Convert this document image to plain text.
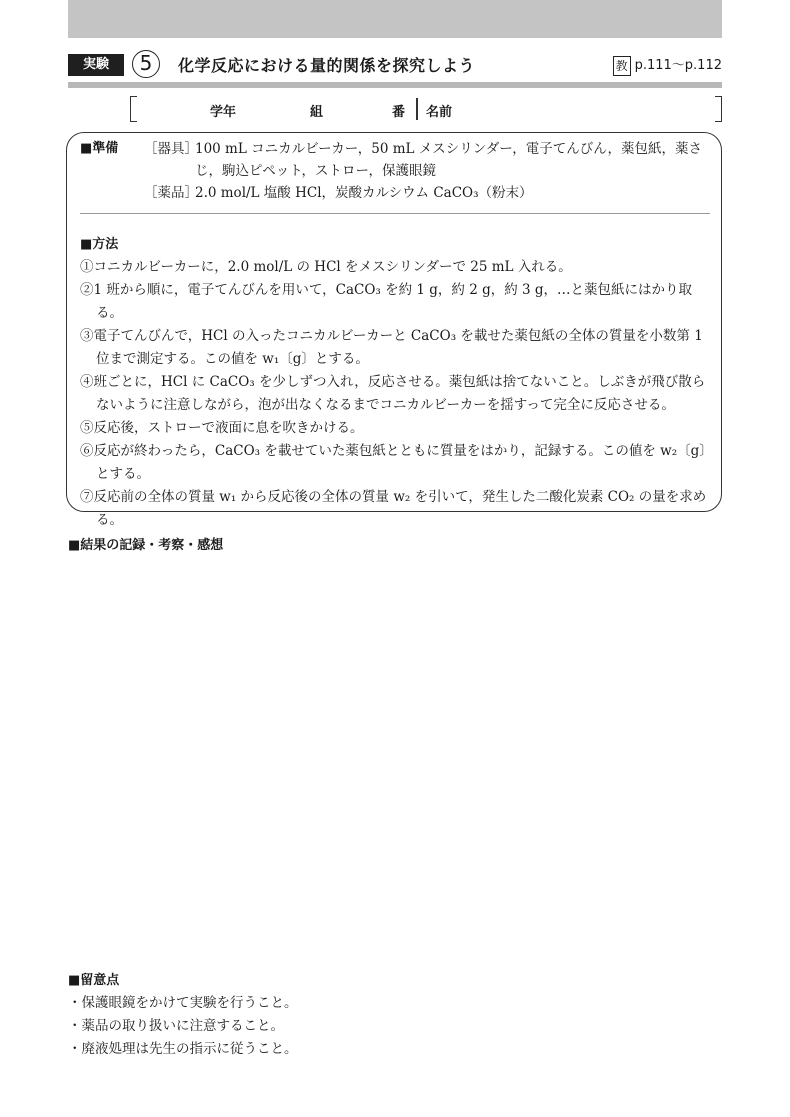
実験	5	化学反応における量的関係を探究しよう	教 p.111〜p.112
学年	組	番 名前
■準備 ［器具］
100 mL コニカルビーカー，50 mL メスシリンダー，電子てんびん，薬包紙，薬さ
じ，駒込ピペット，ストロー，保護眼鏡
［薬品］
2.0 mol/L 塩酸 HCl，炭酸カルシウム CaCO₃（粉末）
■方法
①コニカルビーカーに，2.0 mol/L の HCl をメスシリンダーで 25 mL 入れる。
②1 班から順に，電子てんびんを用いて，CaCO₃ を約 1 g，約 2 g，約 3 g，…と薬包紙にはかり取る。
③電子てんびんで，HCl の入ったコニカルビーカーと CaCO₃ を載せた薬包紙の全体の質量を小数第 1 位まで測定する。この値を w₁〔g〕とする。
④班ごとに，HCl に CaCO₃ を少しずつ入れ，反応させる。薬包紙は捨てないこと。しぶきが飛び散らないように注意しながら，泡が出なくなるまでコニカルビーカーを揺すって完全に反応させる。
⑤反応後，ストローで液面に息を吹きかける。
⑥反応が終わったら，CaCO₃ を載せていた薬包紙とともに質量をはかり，記録する。この値を w₂〔g〕とする。
⑦反応前の全体の質量 w₁ から反応後の全体の質量 w₂ を引いて，発生した二酸化炭素 CO₂ の量を求める。
■結果の記録・考察・感想
■留意点
・保護眼鏡をかけて実験を行うこと。
・薬品の取り扱いに注意すること。
・廃液処理は先生の指示に従うこと。
